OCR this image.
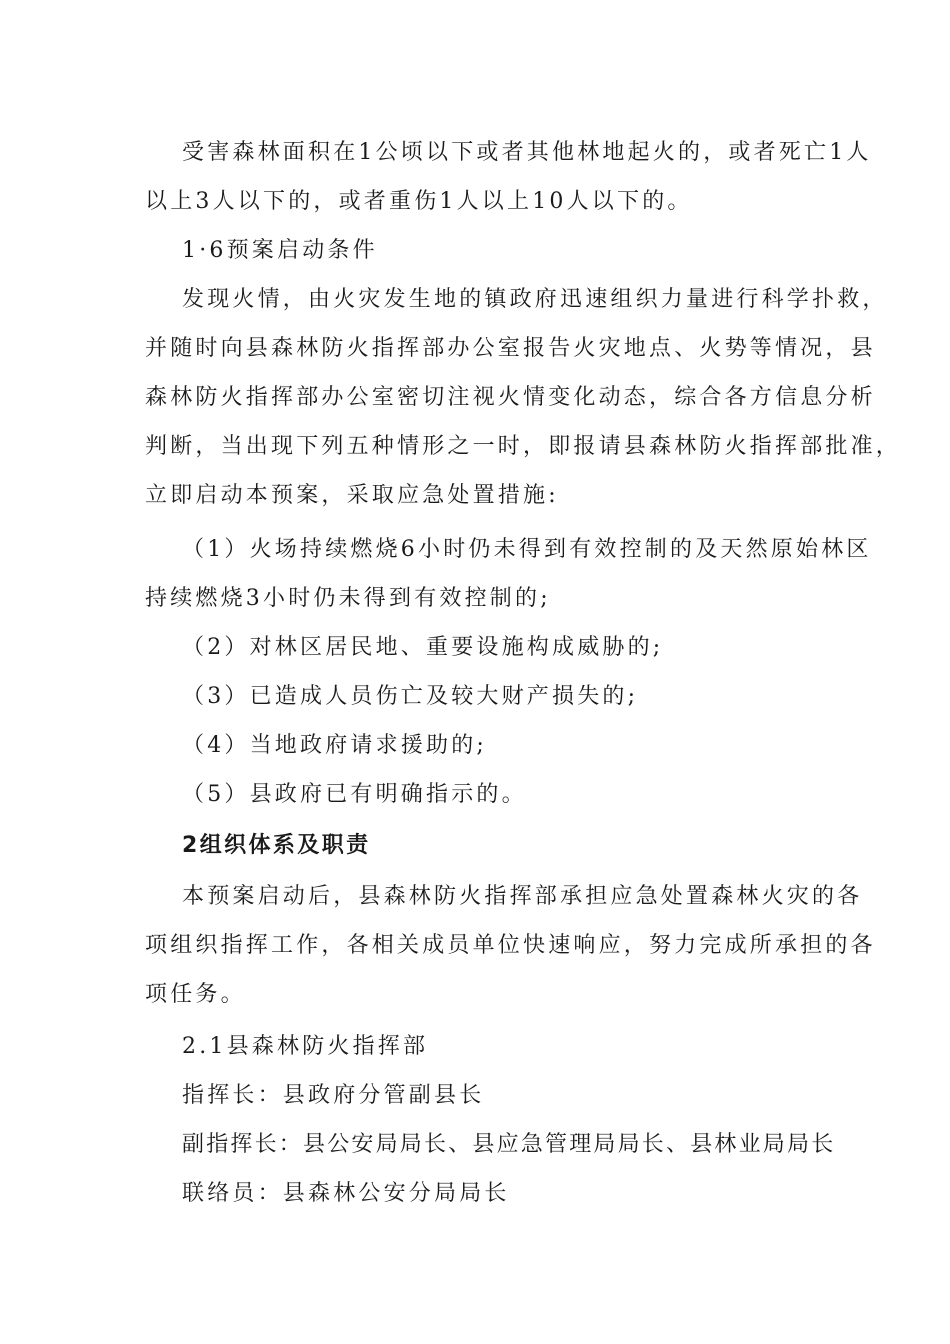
受害森林面积在1公顷以下或者其他林地起火的，或者死亡1人
以上3人以下的，或者重伤1人以上10人以下的。
1·6预案启动条件
发现火情，由火灾发生地的镇政府迅速组织力量进行科学扑救，
并随时向县森林防火指挥部办公室报告火灾地点、火势等情况，县
森林防火指挥部办公室密切注视火情变化动态，综合各方信息分析
判断，当出现下列五种情形之一时，即报请县森林防火指挥部批准，
立即启动本预案，采取应急处置措施:
（1）火场持续燃烧6小时仍未得到有效控制的及天然原始林区
持续燃烧3小时仍未得到有效控制的;
（2）对林区居民地、重要设施构成威胁的;
（3）已造成人员伤亡及较大财产损失的;
（4）当地政府请求援助的;
（5）县政府已有明确指示的。
2组织体系及职责
本预案启动后，县森林防火指挥部承担应急处置森林火灾的各
项组织指挥工作，各相关成员单位快速响应，努力完成所承担的各
项任务。
2.1县森林防火指挥部
指挥长：县政府分管副县长
副指挥长：县公安局局长、县应急管理局局长、县林业局局长
联络员：县森林公安分局局长
